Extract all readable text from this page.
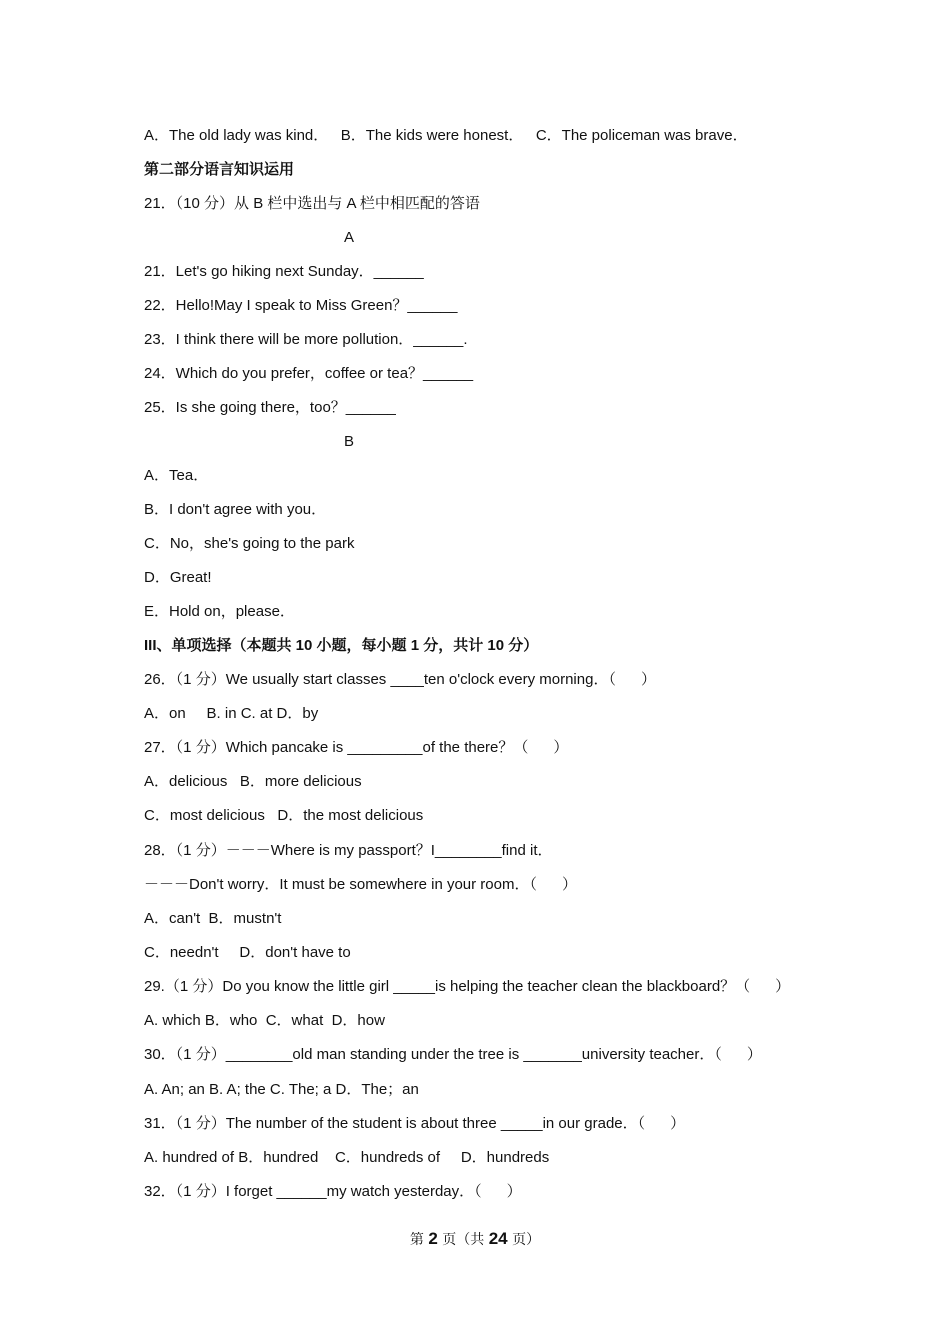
A．The old lady was kind．   B．The kids were honest．   C．The policeman was brave．
第二部分语言知识运用
21．（10 分）从 B 栏中选出与 A 栏中相匹配的答语
A
21．Let's go hiking next Sunday．______
22．Hello!May I speak to Miss Green？______
23．I think there will be more pollution．______.
24．Which do you prefer，coffee or tea？______
25．Is she going there，too？______
B
A．Tea．
B．I don't agree with you．
C．No，she's going to the park
D．Great!
E．Hold on，please．
III、单项选择（本题共 10 小题，每小题 1 分，共计 10 分）
26．（1 分）We usually start classes ____ten o'clock every morning．（      ）
A．on     B. in C. at D．by
27．（1 分）Which pancake is _________of the there？（      ）
A．delicious   B．more delicious
C．most delicious   D．the most delicious
28．（1 分）－－－Where is my passport？I________find it．
－－－Don't worry．It must be somewhere in your room．（      ）
A．can't  B．mustn't
C．needn't     D．don't have to
29.（1 分）Do you know the little girl _____is helping the teacher clean the blackboard？（      ）
A. which B．who  C．what  D．how
30．（1 分）________old man standing under the tree is _______university teacher．（      ）
A. An; an B. A; the C. The; a D．The；an
31．（1 分）The number of the student is about three _____in our grade．（      ）
A. hundred of B．hundred    C．hundreds of     D．hundreds
32．（1 分）I forget ______my watch yesterday．（      ）
第 2 页（共 24 页）
